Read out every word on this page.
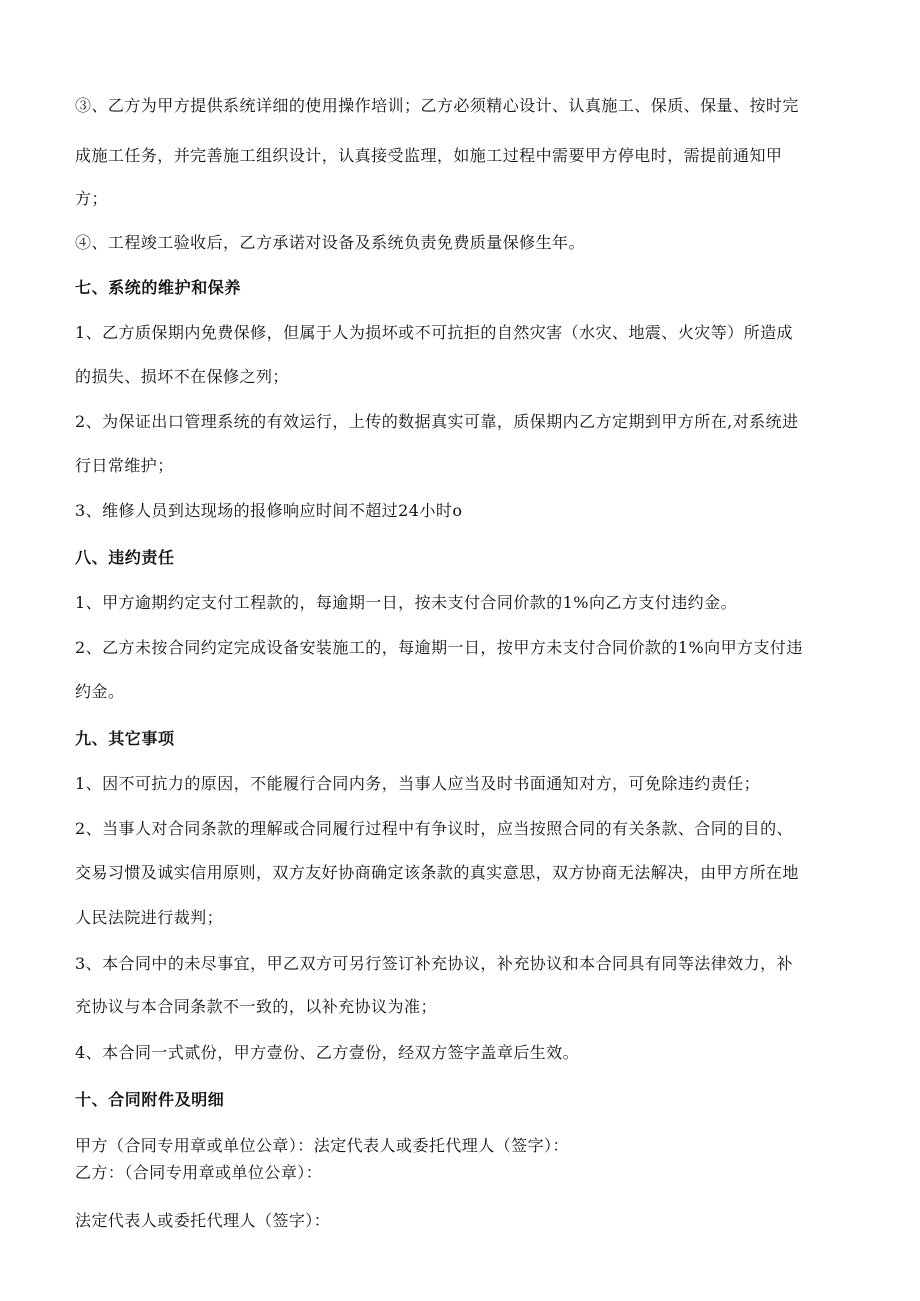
③、乙方为甲方提供系统详细的使用操作培训；乙方必须精心设计、认真施工、保质、保量、按时完
成施工任务，并完善施工组织设计，认真接受监理，如施工过程中需要甲方停电时，需提前通知甲
方；
④、工程竣工验收后，乙方承诺对设备及系统负责免费质量保修生年。
七、系统的维护和保养
1、乙方质保期内免费保修，但属于人为损坏或不可抗拒的自然灾害（水灾、地震、火灾等）所造成
的损失、损坏不在保修之列；
2、为保证出口管理系统的有效运行，上传的数据真实可靠，质保期内乙方定期到甲方所在,对系统进
行日常维护；
3、维修人员到达现场的报修响应时间不超过24小时o
八、违约责任
1、甲方逾期约定支付工程款的，每逾期一日，按未支付合同价款的1%向乙方支付违约金。
2、乙方未按合同约定完成设备安装施工的，每逾期一日，按甲方未支付合同价款的1%向甲方支付违
约金。
九、其它事项
1、因不可抗力的原因，不能履行合同内务，当事人应当及时书面通知对方，可免除违约责任；
2、当事人对合同条款的理解或合同履行过程中有争议时，应当按照合同的有关条款、合同的目的、
交易习惯及诚实信用原则，双方友好协商确定该条款的真实意思，双方协商无法解决，由甲方所在地
人民法院进行裁判；
3、本合同中的未尽事宜，甲乙双方可另行签订补充协议，补充协议和本合同具有同等法律效力，补
充协议与本合同条款不一致的，以补充协议为准；
4、本合同一式贰份，甲方壹份、乙方壹份，经双方签字盖章后生效。
十、合同附件及明细
甲方（合同专用章或单位公章）：法定代表人或委托代理人（签字）：
乙方：（合同专用章或单位公章）：
法定代表人或委托代理人（签字）：
